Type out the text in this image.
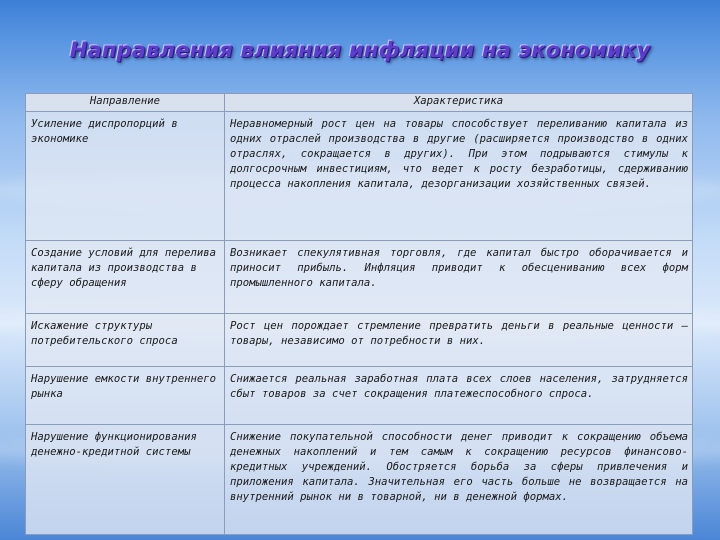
Направления влияния инфляции на экономику
Направление	Характеристика
Усиление диспропорций в экономике	Неравномерный рост цен на товары способствует переливанию капитала из одних отраслей производства в другие (расширяется производство в одних отраслях, сокращается в других). При этом подрываются стимулы к долгосрочным инвестициям, что ведет к росту безработицы, сдерживанию процесса накопления капитала, дезорганизации хозяйственных связей.
Создание условий для перелива капитала из производства в сферу обращения	Возникает спекулятивная торговля, где капитал быстро оборачивается и приносит прибыль. Инфляция приводит к обесцениванию всех форм промышленного капитала.
Искажение структуры потребительского спроса	Рост цен порождает стремление превратить деньги в реальные ценности – товары, независимо от потребности в них.
Нарушение емкости внутреннего рынка	Снижается реальная заработная плата всех слоев населения, затрудняется сбыт товаров за счет сокращения платежеспособного спроса.
Нарушение функционирования денежно-кредитной системы	Снижение покупательной способности денег приводит к сокращению объема денежных накоплений и тем самым к сокращению ресурсов финансово-кредитных учреждений. Обостряется борьба за сферы привлечения и приложения капитала. Значительная его часть больше не возвращается на внутренний рынок ни в товарной, ни в денежной формах.
